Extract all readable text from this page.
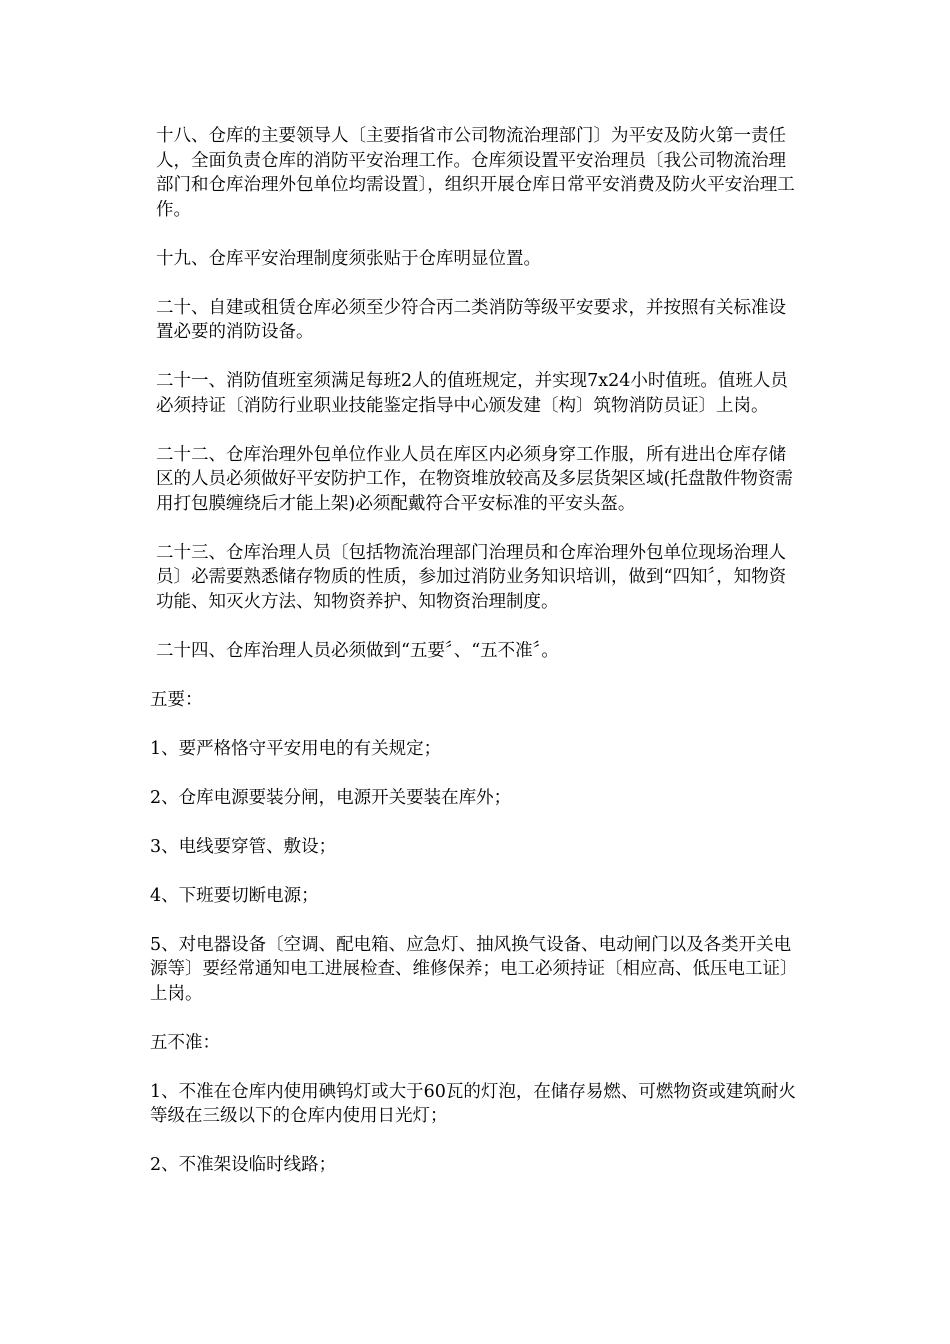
十八、仓库的主要领导人〔主要指省市公司物流治理部门〕为平安及防火第一责任人，全面负责仓库的消防平安治理工作。仓库须设置平安治理员〔我公司物流治理部门和仓库治理外包单位均需设置〕，组织开展仓库日常平安消费及防火平安治理工作。

十九、仓库平安治理制度须张贴于仓库明显位置。

二十、自建或租赁仓库必须至少符合丙二类消防等级平安要求，并按照有关标准设置必要的消防设备。

二十一、消防值班室须满足每班2人的值班规定，并实现7x24小时值班。值班人员必须持证〔消防行业职业技能鉴定指导中心颁发建〔构〕筑物消防员证〕上岗。

二十二、仓库治理外包单位作业人员在库区内必须身穿工作服，所有进出仓库存储区的人员必须做好平安防护工作，在物资堆放较高及多层货架区域(托盘散件物资需用打包膜缠绕后才能上架)必须配戴符合平安标准的平安头盔。

二十三、仓库治理人员〔包括物流治理部门治理员和仓库治理外包单位现场治理人员〕必需要熟悉储存物质的性质，参加过消防业务知识培训，做到“四知〞，知物资功能、知灭火方法、知物资养护、知物资治理制度。

二十四、仓库治理人员必须做到“五要〞、“五不准〞。

五要：

1、要严格恪守平安用电的有关规定；

2、仓库电源要装分闸，电源开关要装在库外；

3、电线要穿管、敷设；

4、下班要切断电源；

5、对电器设备〔空调、配电箱、应急灯、抽风换气设备、电动闸门以及各类开关电源等〕要经常通知电工进展检查、维修保养；电工必须持证〔相应高、低压电工证〕上岗。

五不准：

1、不准在仓库内使用碘钨灯或大于60瓦的灯泡，在储存易燃、可燃物资或建筑耐火等级在三级以下的仓库内使用日光灯；

2、不准架设临时线路；
